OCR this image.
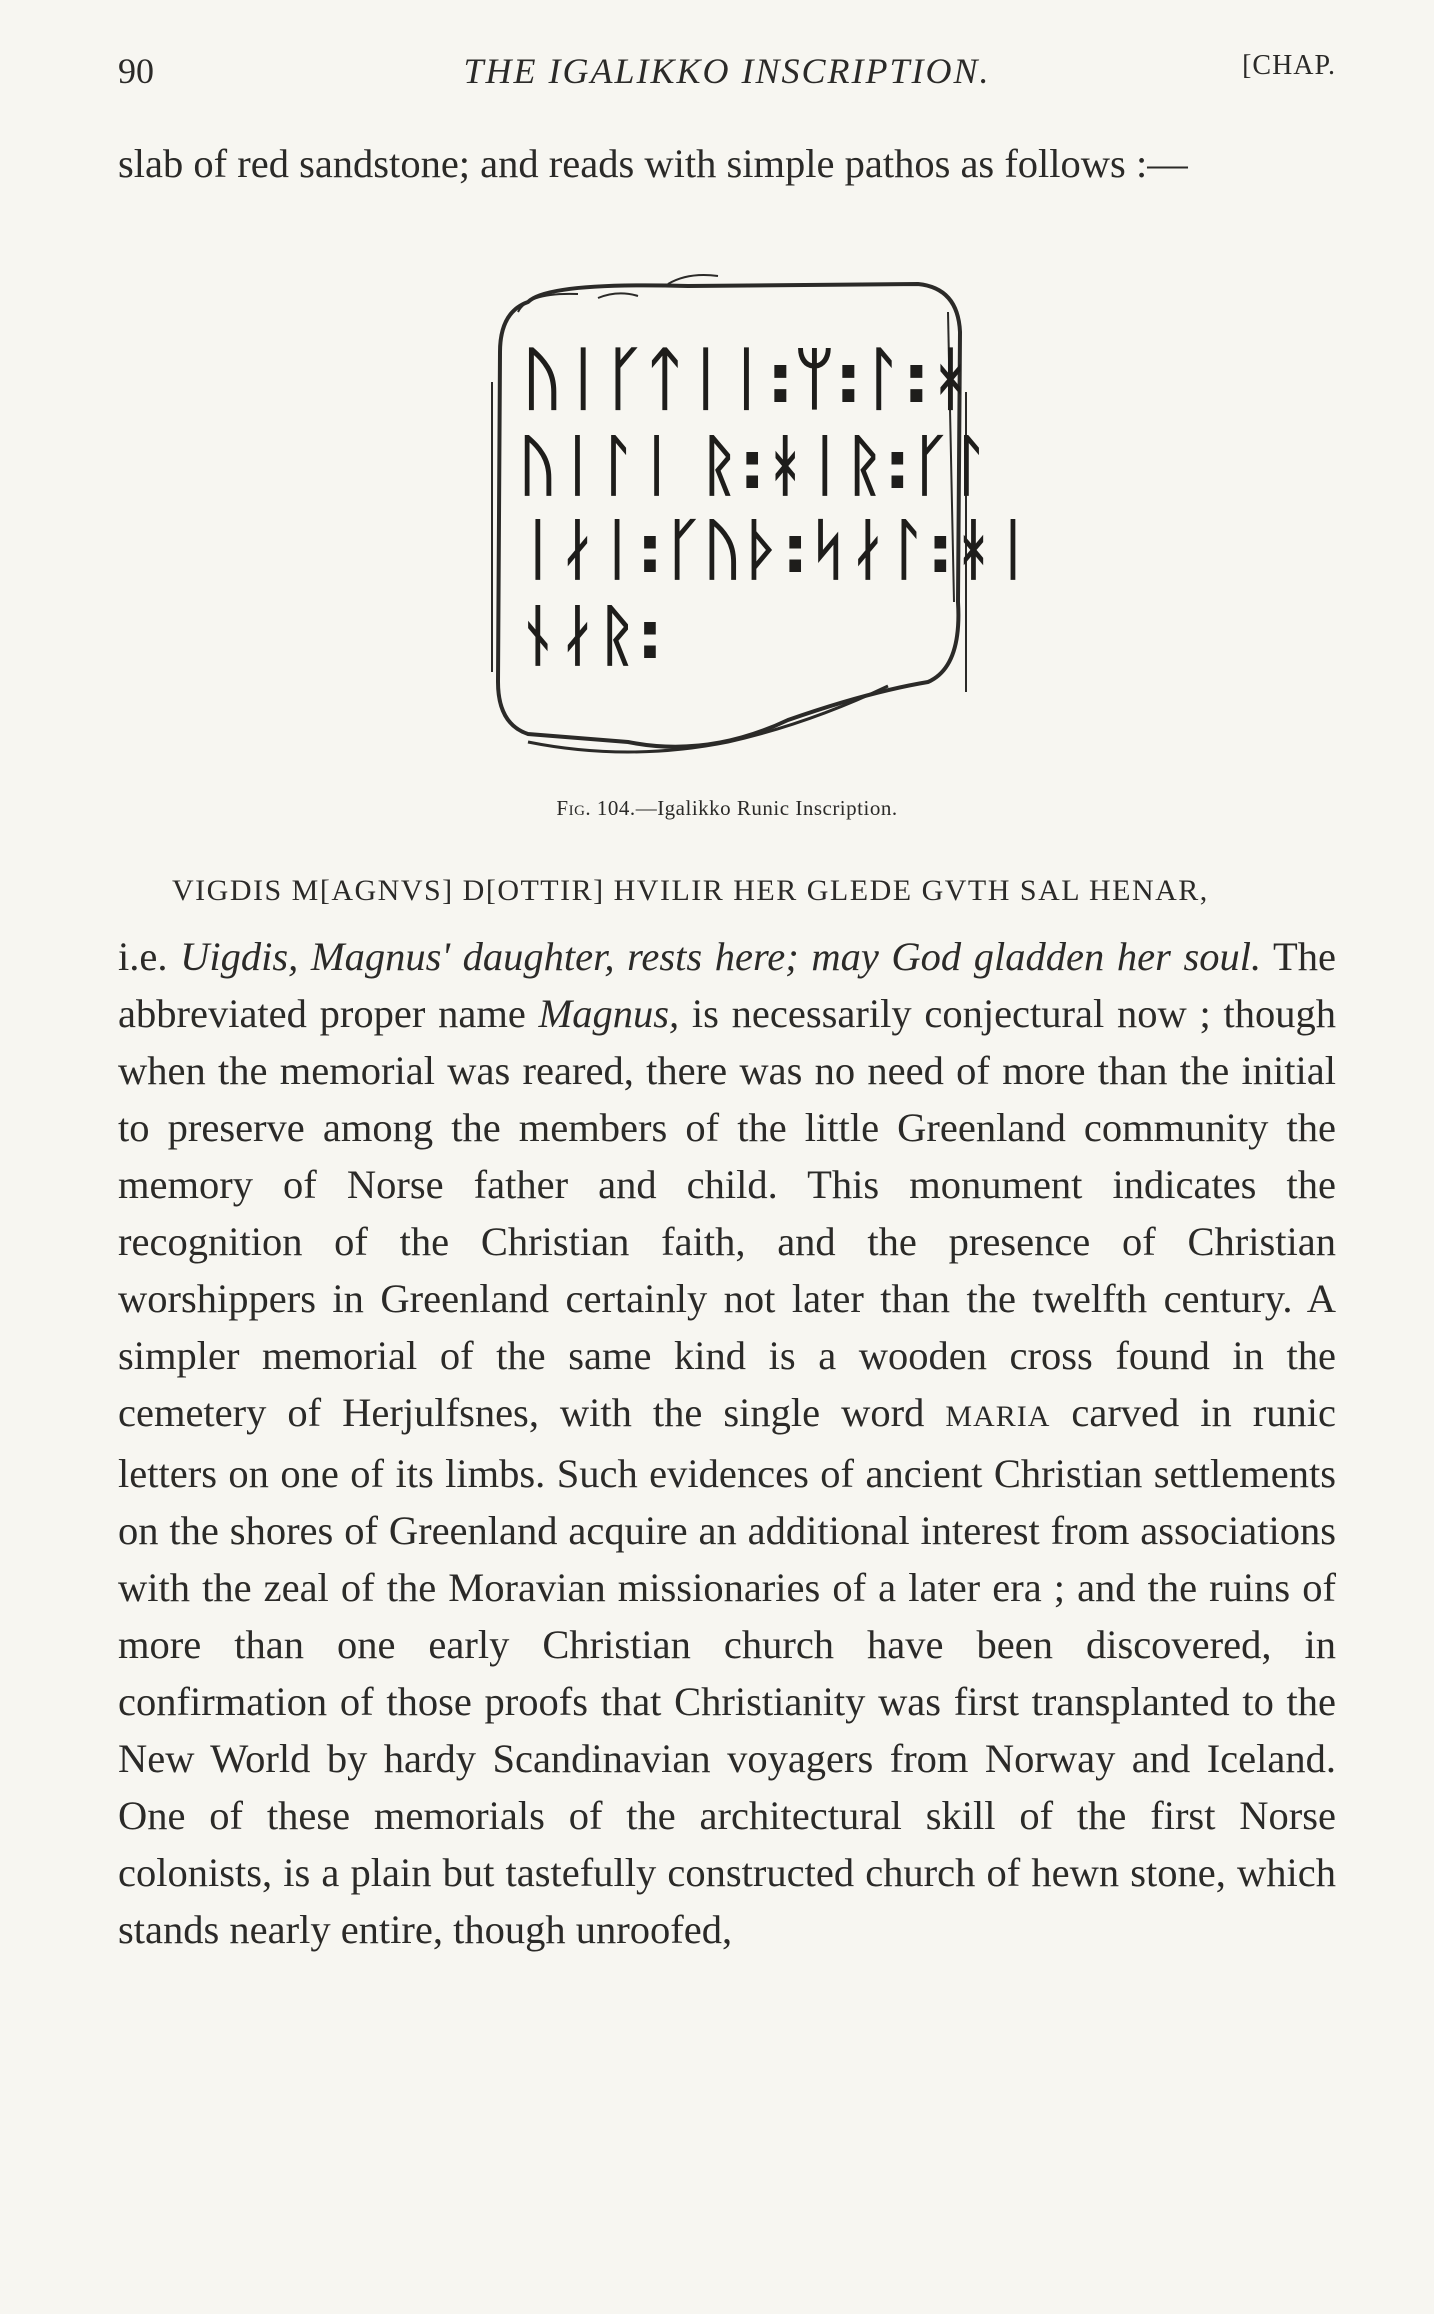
90	THE IGALIKKO INSCRIPTION.	[CHAP.

slab of red sandstone; and reads with simple pathos as follows :—

ᚢᛁᚴᛏᛁᛁ:ᛘ:ᛚ:ᚼ
ᚢᛁᛚᛁ ᚱ:ᚼᛁᚱ:ᚴᛚ
ᛁᛅᛁ:ᚴᚢᚦ:ᛋᛅᛚ:ᚼᛁ
ᚾᛅᚱ:
Fig. 104.—Igalikko Runic Inscription.
VIGDIS M[AGNVS] D[OTTIR] HVILIR HER GLEDE GVTH SAL HENAR,

i.e. Uigdis, Magnus' daughter, rests here; may God gladden her soul. The abbreviated proper name Magnus, is necessarily conjectural now ; though when the memorial was reared, there was no need of more than the initial to preserve among the members of the little Greenland community the memory of Norse father and child. This monument indicates the recognition of the Christian faith, and the presence of Christian worshippers in Greenland certainly not later than the twelfth century. A simpler memorial of the same kind is a wooden cross found in the cemetery of Herjulfsnes, with the single word MARIA carved in runic letters on one of its limbs. Such evidences of ancient Christian settlements on the shores of Greenland acquire an additional interest from associations with the zeal of the Moravian missionaries of a later era ; and the ruins of more than one early Christian church have been discovered, in confirmation of those proofs that Christianity was first transplanted to the New World by hardy Scandinavian voyagers from Norway and Iceland. One of these memorials of the architectural skill of the first Norse colonists, is a plain but tastefully constructed church of hewn stone, which stands nearly entire, though unroofed,
